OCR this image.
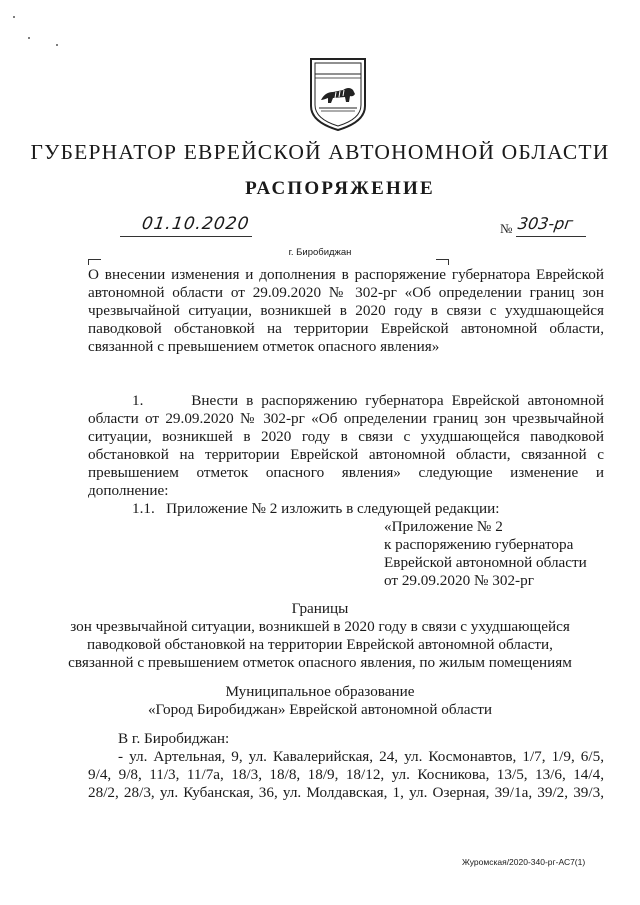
ГУБЕРНАТОР ЕВРЕЙСКОЙ АВТОНОМНОЙ ОБЛАСТИ
РАСПОРЯЖЕНИЕ
01.10.2020	№ 303-рг
г. Биробиджан
О внесении изменения и дополнения в распоряжение губернатора Еврейской
автономной области от 29.09.2020 № 302-рг «Об определении границ зон
чрезвычайной ситуации, возникшей в 2020 году в связи с ухудшающейся
паводковой обстановкой на территории Еврейской автономной области,
связанной с превышением отметок опасного явления»
1.      Внести в распоряжению губернатора Еврейской автономной
области от 29.09.2020 № 302-рг «Об определении границ зон чрезвычайной
ситуации, возникшей в 2020 году в связи с ухудшающейся паводковой
обстановкой на территории Еврейской автономной области, связанной с
превышением отметок опасного явления» следующие изменение и
дополнение:
1.1.   Приложение № 2 изложить в следующей редакции:
«Приложение № 2
к распоряжению губернатора
Еврейской автономной области
от 29.09.2020 № 302-рг
Границы
зон чрезвычайной ситуации, возникшей в 2020 году в связи с ухудшающейся
паводковой обстановкой на территории Еврейской автономной области,
связанной с превышением отметок опасного явления, по жилым помещениям
Муниципальное образование
«Город Биробиджан» Еврейской автономной области
В г. Биробиджан:
- ул. Артельная, 9, ул. Кавалерийская, 24, ул. Космонавтов, 1/7, 1/9, 6/5,
9/4, 9/8, 11/3, 11/7а, 18/3, 18/8, 18/9, 18/12, ул. Косникова, 13/5, 13/6, 14/4,
28/2, 28/3, ул. Кубанская, 36, ул. Молдавская, 1, ул. Озерная, 39/1а, 39/2, 39/3,
Журомская/2020-340-рг-АС7(1)
